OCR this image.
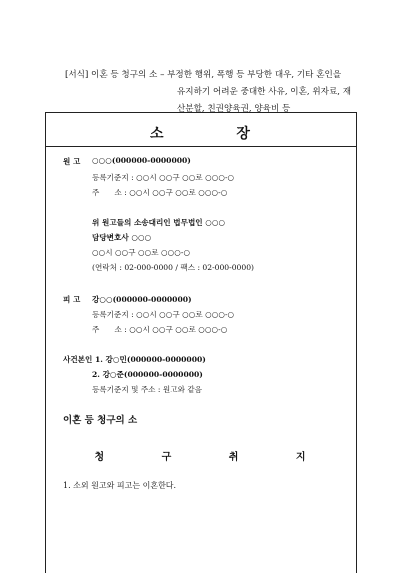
[서식] 이혼 등 청구의 소 – 부정한 행위, 폭행 등 부당한 대우, 기타 혼인을
유지하기 어려운 중대한 사유, 이혼, 위자료, 재
산분할, 친권양육권, 양육비 등
소 장
원 고 ○○○(000000-0000000)
등록기준지 : ○○시 ○○구 ○○로 ○○○-○
주　　소 : ○○시 ○○구 ○○로 ○○○-○
위 원고들의 소송대리인 법무법인 ○○○
담당변호사 ○○○
○○시 ○○구 ○○로 ○○○-○
(연락처 : 02-000-0000 / 팩스 : 02-000-0000)
피 고 강○○(000000-0000000)
등록기준지 : ○○시 ○○구 ○○로 ○○○-○
주　　소 : ○○시 ○○구 ○○로 ○○○-○
사건본인 1. 강○민(000000-0000000)
2. 강○준(000000-0000000)
등록기준지 및 주소 : 원고와 같음
이혼 등 청구의 소
청 구 취 지
1. 소외 원고와 피고는 이혼한다.
